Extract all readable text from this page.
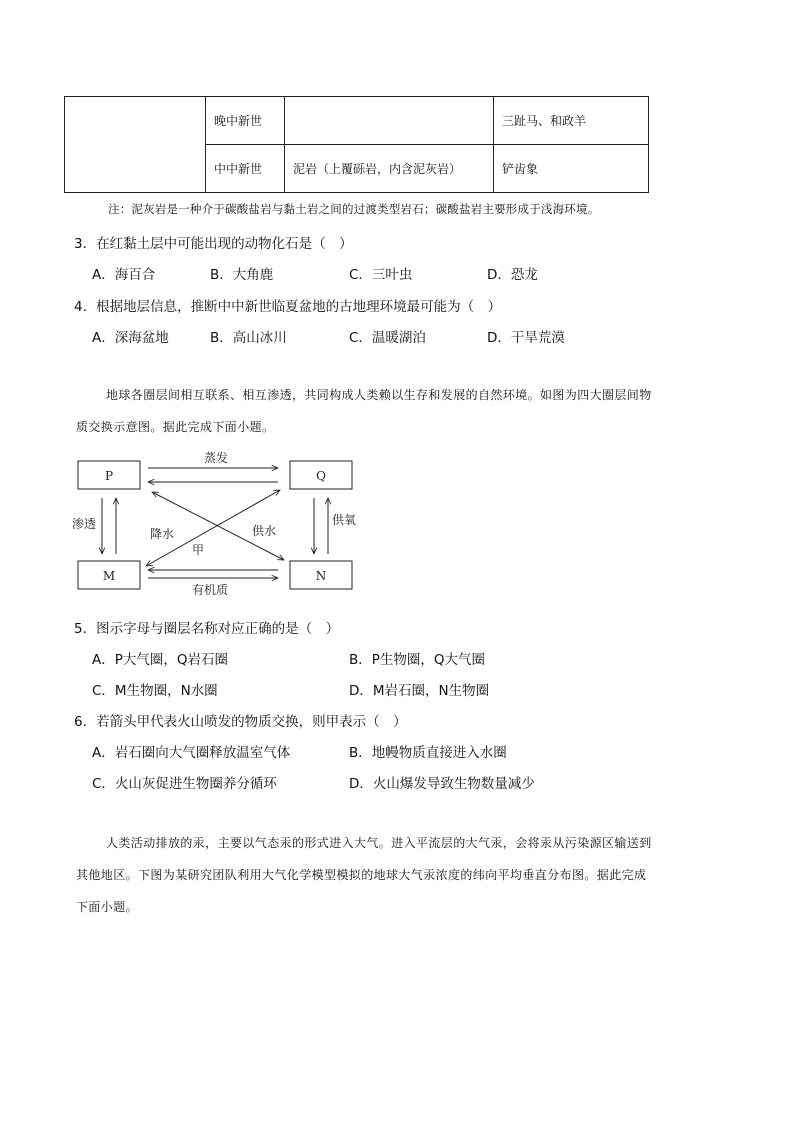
	晚中新世		三趾马、和政羊
	中中新世	泥岩（上覆砾岩，内含泥灰岩）	铲齿象
注：泥灰岩是一种介于碳酸盐岩与黏土岩之间的过渡类型岩石；碳酸盐岩主要形成于浅海环境。
3．在红黏土层中可能出现的动物化石是（　）
A．海百合	B．大角鹿	C．三叶虫	D．恐龙
4．根据地层信息，推断中中新世临夏盆地的古地理环境最可能为（　）
A．深海盆地	B．高山冰川	C．温暖湖泊	D．干旱荒漠
地球各圈层间相互联系、相互渗透，共同构成人类赖以生存和发展的自然环境。如图为四大圈层间物
质交换示意图。据此完成下面小题。
P	Q
M	N
蒸发
有机质
渗透	供氧
降水	供水
甲
5．图示字母与圈层名称对应正确的是（　）
A．P大气圈，Q岩石圈	B．P生物圈，Q大气圈
C．M生物圈，N水圈	D．M岩石圈，N生物圈
6．若箭头甲代表火山喷发的物质交换，则甲表示（　）
A．岩石圈向大气圈释放温室气体	B．地幔物质直接进入水圈
C．火山灰促进生物圈养分循环	D．火山爆发导致生物数量减少
人类活动排放的汞，主要以气态汞的形式进入大气。进入平流层的大气汞，会将汞从污染源区输送到
其他地区。下图为某研究团队利用大气化学模型模拟的地球大气汞浓度的纬向平均垂直分布图。据此完成
下面小题。
